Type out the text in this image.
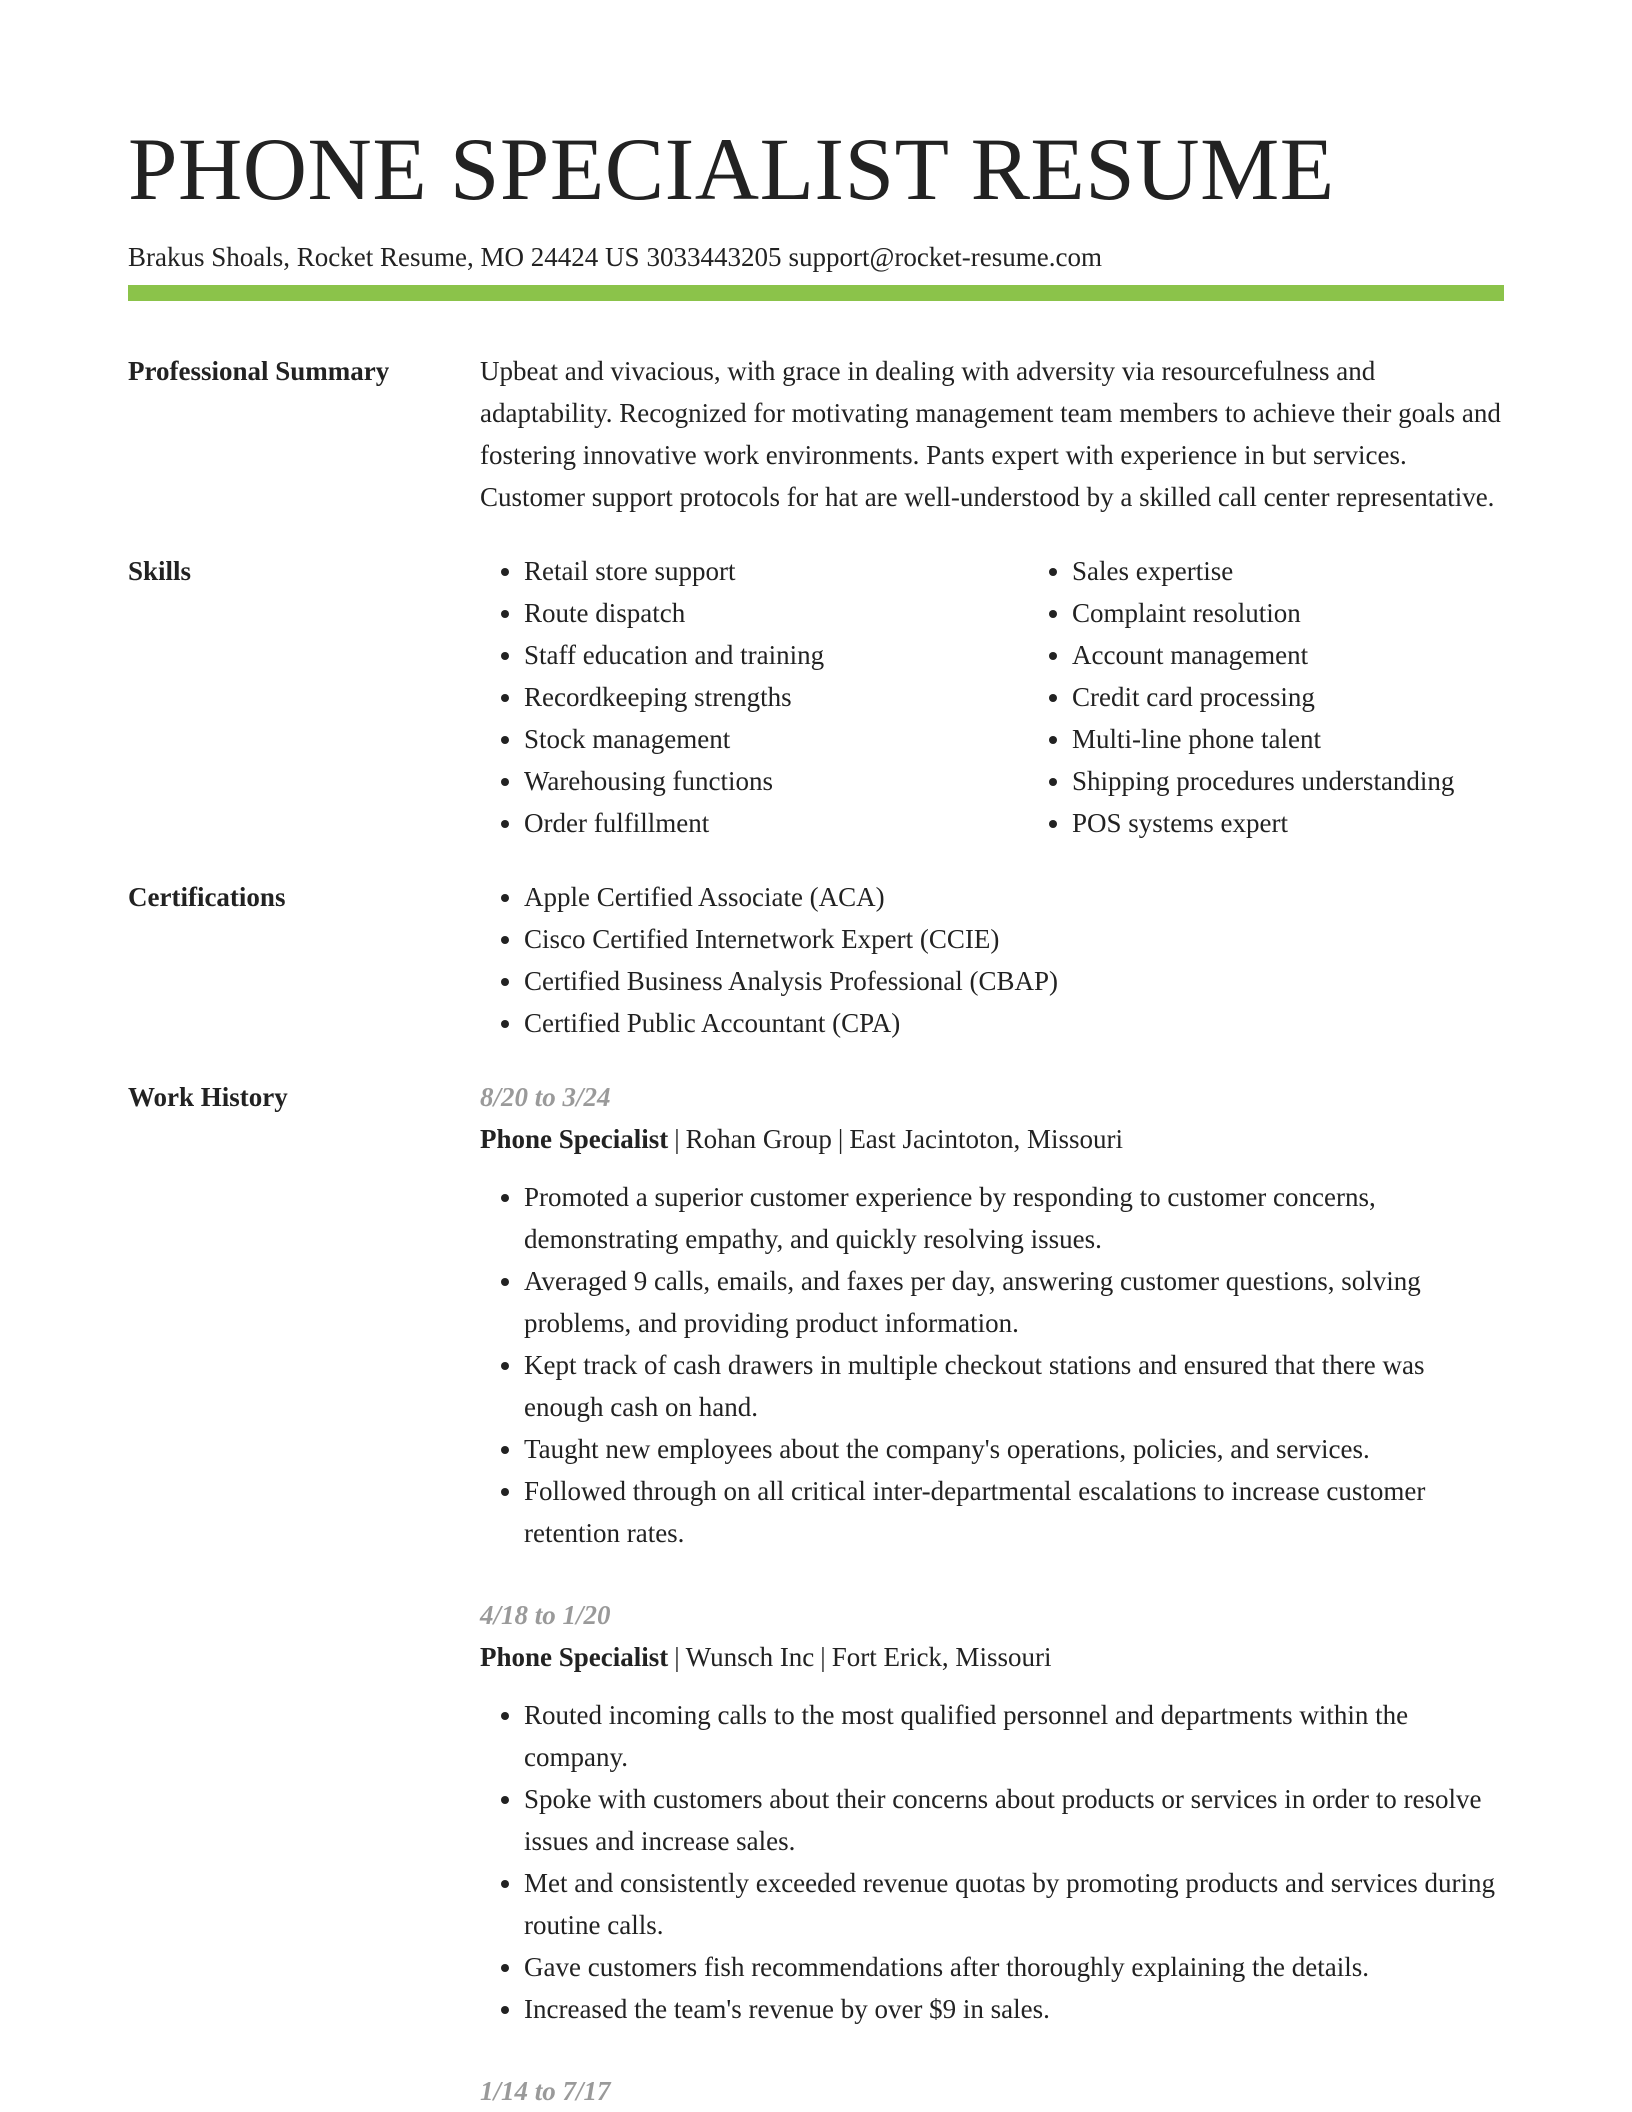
PHONE SPECIALIST RESUME
Brakus Shoals, Rocket Resume, MO 24424 US 3033443205 support@rocket-resume.com
Professional Summary	Upbeat and vivacious, with grace in dealing with adversity via resourcefulness and adaptability. Recognized for motivating management team members to achieve their goals and fostering innovative work environments. Pants expert with experience in but services. Customer support protocols for hat are well-understood by a skilled call center representative.

Skills	• Retail store support
• Route dispatch
• Staff education and training
• Recordkeeping strengths
• Stock management
• Warehousing functions
• Order fulfillment
• Sales expertise
• Complaint resolution
• Account management
• Credit card processing
• Multi-line phone talent
• Shipping procedures understanding
• POS systems expert
Certifications	• Apple Certified Associate (ACA)
• Cisco Certified Internetwork Expert (CCIE)
• Certified Business Analysis Professional (CBAP)
• Certified Public Accountant (CPA)
Work History	8/20 to 3/24
Phone Specialist | Rohan Group | East Jacintoton, Missouri
• Promoted a superior customer experience by responding to customer concerns, demonstrating empathy, and quickly resolving issues.
• Averaged 9 calls, emails, and faxes per day, answering customer questions, solving problems, and providing product information.
• Kept track of cash drawers in multiple checkout stations and ensured that there was enough cash on hand.
• Taught new employees about the company's operations, policies, and services.
• Followed through on all critical inter-departmental escalations to increase customer retention rates.
4/18 to 1/20
Phone Specialist | Wunsch Inc | Fort Erick, Missouri
• Routed incoming calls to the most qualified personnel and departments within the company.
• Spoke with customers about their concerns about products or services in order to resolve issues and increase sales.
• Met and consistently exceeded revenue quotas by promoting products and services during routine calls.
• Gave customers fish recommendations after thoroughly explaining the details.
• Increased the team's revenue by over $9 in sales.
1/14 to 7/17
